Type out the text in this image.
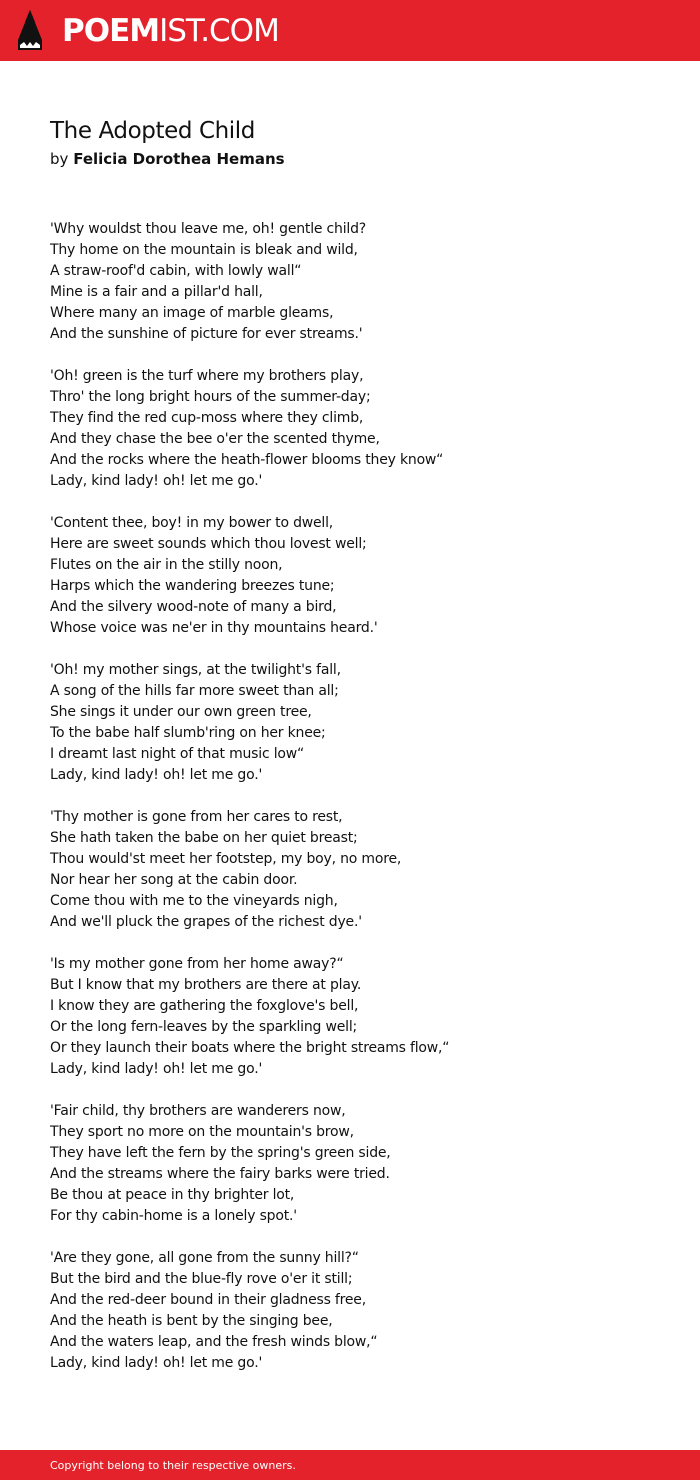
POEMIST.COM
The Adopted Child
by Felicia Dorothea Hemans
'Why wouldst thou leave me, oh! gentle child?
Thy home on the mountain is bleak and wild,
A straw-roof'd cabin, with lowly wall“
Mine is a fair and a pillar'd hall,
Where many an image of marble gleams,
And the sunshine of picture for ever streams.'
'Oh! green is the turf where my brothers play,
Thro' the long bright hours of the summer-day;
They find the red cup-moss where they climb,
And they chase the bee o'er the scented thyme,
And the rocks where the heath-flower blooms they know“
Lady, kind lady! oh! let me go.'
'Content thee, boy! in my bower to dwell,
Here are sweet sounds which thou lovest well;
Flutes on the air in the stilly noon,
Harps which the wandering breezes tune;
And the silvery wood-note of many a bird,
Whose voice was ne'er in thy mountains heard.'
'Oh! my mother sings, at the twilight's fall,
A song of the hills far more sweet than all;
She sings it under our own green tree,
To the babe half slumb'ring on her knee;
I dreamt last night of that music low“
Lady, kind lady! oh! let me go.'
'Thy mother is gone from her cares to rest,
She hath taken the babe on her quiet breast;
Thou would'st meet her footstep, my boy, no more,
Nor hear her song at the cabin door.
Come thou with me to the vineyards nigh,
And we'll pluck the grapes of the richest dye.'
'Is my mother gone from her home away?“
But I know that my brothers are there at play.
I know they are gathering the foxglove's bell,
Or the long fern-leaves by the sparkling well;
Or they launch their boats where the bright streams flow,“
Lady, kind lady! oh! let me go.'
'Fair child, thy brothers are wanderers now,
They sport no more on the mountain's brow,
They have left the fern by the spring's green side,
And the streams where the fairy barks were tried.
Be thou at peace in thy brighter lot,
For thy cabin-home is a lonely spot.'
'Are they gone, all gone from the sunny hill?“
But the bird and the blue-fly rove o'er it still;
And the red-deer bound in their gladness free,
And the heath is bent by the singing bee,
And the waters leap, and the fresh winds blow,“
Lady, kind lady! oh! let me go.'
Copyright belong to their respective owners.
